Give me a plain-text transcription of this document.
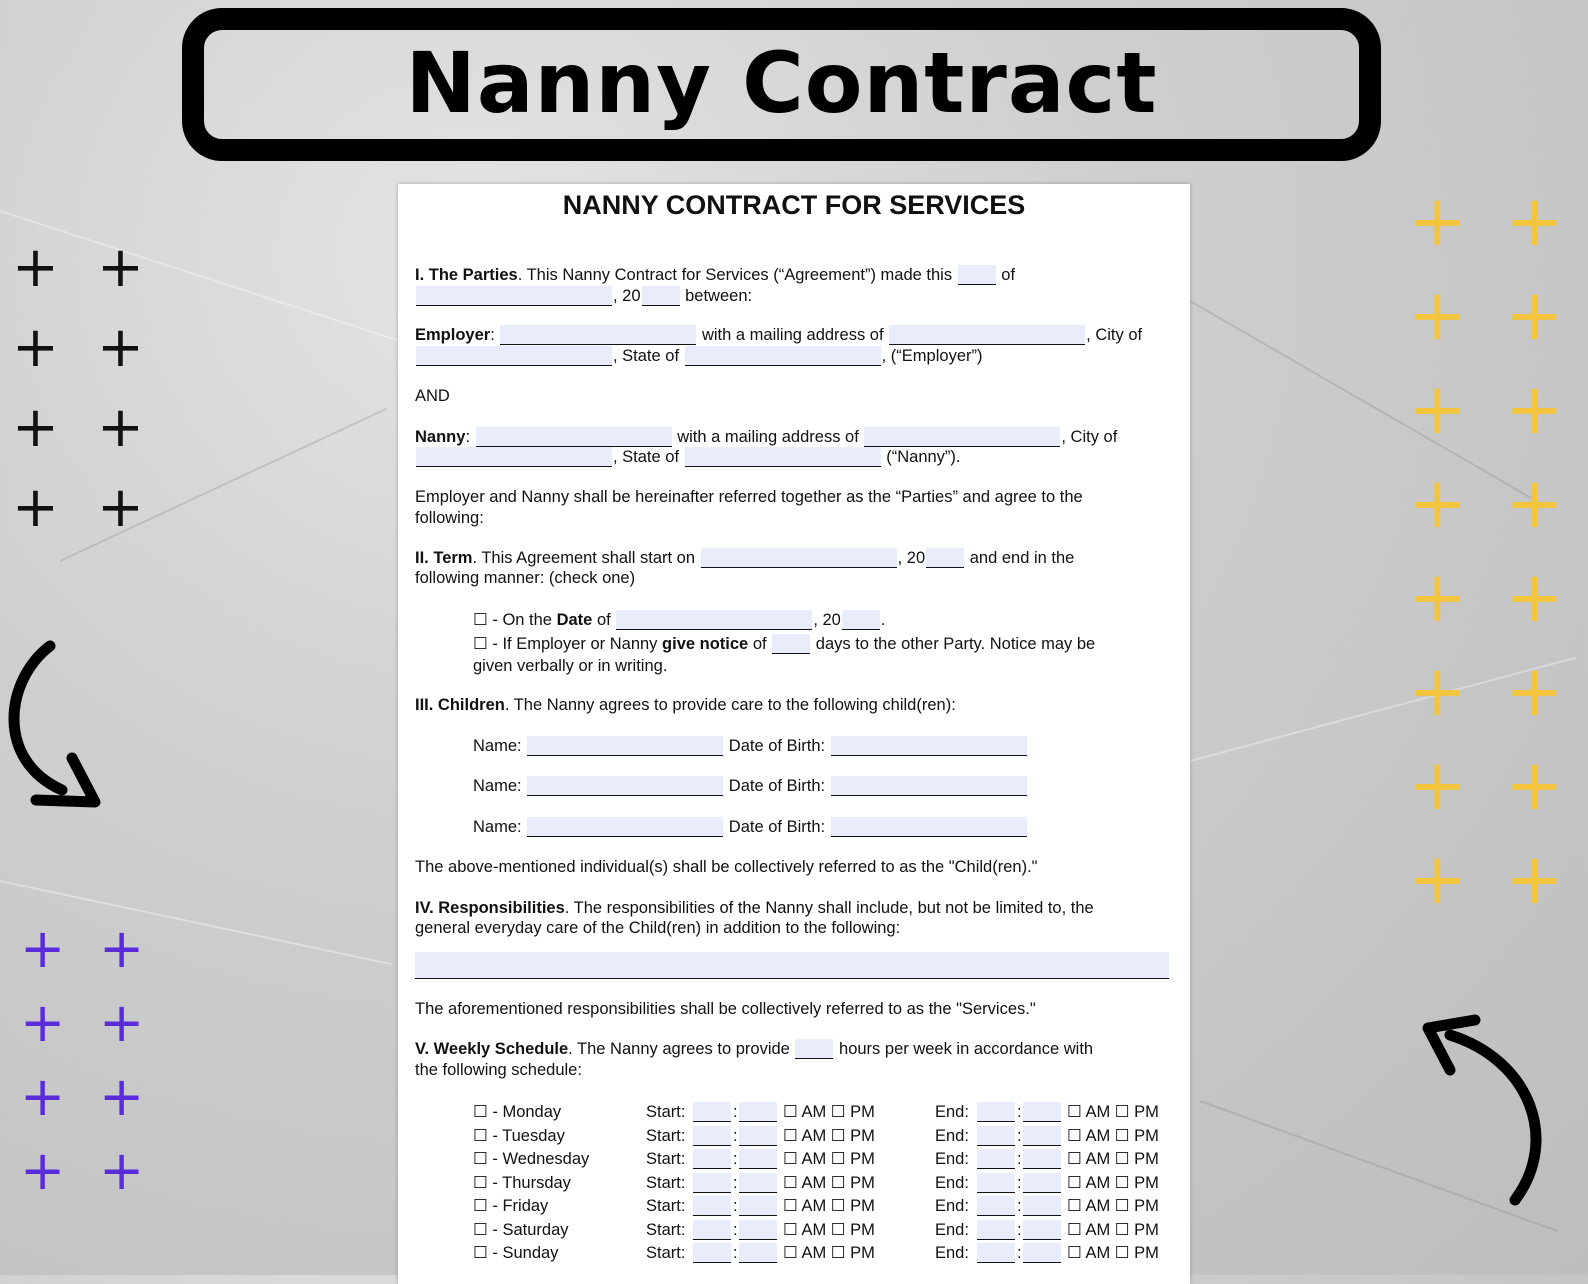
Nanny Contract
+ +
+ +
+ +
+ +
+ +
+ +
+ +
+ +
+ +
+ +
+ +
+ +
+ +
+ +
+ +
+ +
NANNY CONTRACT FOR SERVICES
I. The Parties. This Nanny Contract for Services (“Agreement”) made this	of
, 20	between:
Employer:	with a mailing address of	, City of
, State of	, (“Employer”)
AND
Nanny:	with a mailing address of	, City of
, State of	(“Nanny”).
Employer and Nanny shall be hereinafter referred together as the “Parties” and agree to the
following:
II. Term. This Agreement shall start on	, 20	and end in the
following manner: (check one)
☐ - On the Date of	, 20 .
☐ - If Employer or Nanny give notice of	days to the other Party. Notice may be
given verbally or in writing.
III. Children. The Nanny agrees to provide care to the following child(ren):
Name:	Date of Birth:
Name:	Date of Birth:
Name:	Date of Birth:
The above-mentioned individual(s) shall be collectively referred to as the "Child(ren)."
IV. Responsibilities. The responsibilities of the Nanny shall include, but not be limited to, the
general everyday care of the Child(ren) in addition to the following:
The aforementioned responsibilities shall be collectively referred to as the "Services."
V. Weekly Schedule. The Nanny agrees to provide	hours per week in accordance with
the following schedule:
☐ - Monday	Start:	:	☐ AM ☐ PM	End:	:	☐ AM ☐ PM
☐ - Tuesday	Start:	:	☐ AM ☐ PM	End:	:	☐ AM ☐ PM
☐ - Wednesday	Start:	:	☐ AM ☐ PM	End:	:	☐ AM ☐ PM
☐ - Thursday	Start:	:	☐ AM ☐ PM	End:	:	☐ AM ☐ PM
☐ - Friday	Start:	:	☐ AM ☐ PM	End:	:	☐ AM ☐ PM
☐ - Saturday	Start:	:	☐ AM ☐ PM	End:	:	☐ AM ☐ PM
☐ - Sunday	Start:	:	☐ AM ☐ PM	End:	:	☐ AM ☐ PM
